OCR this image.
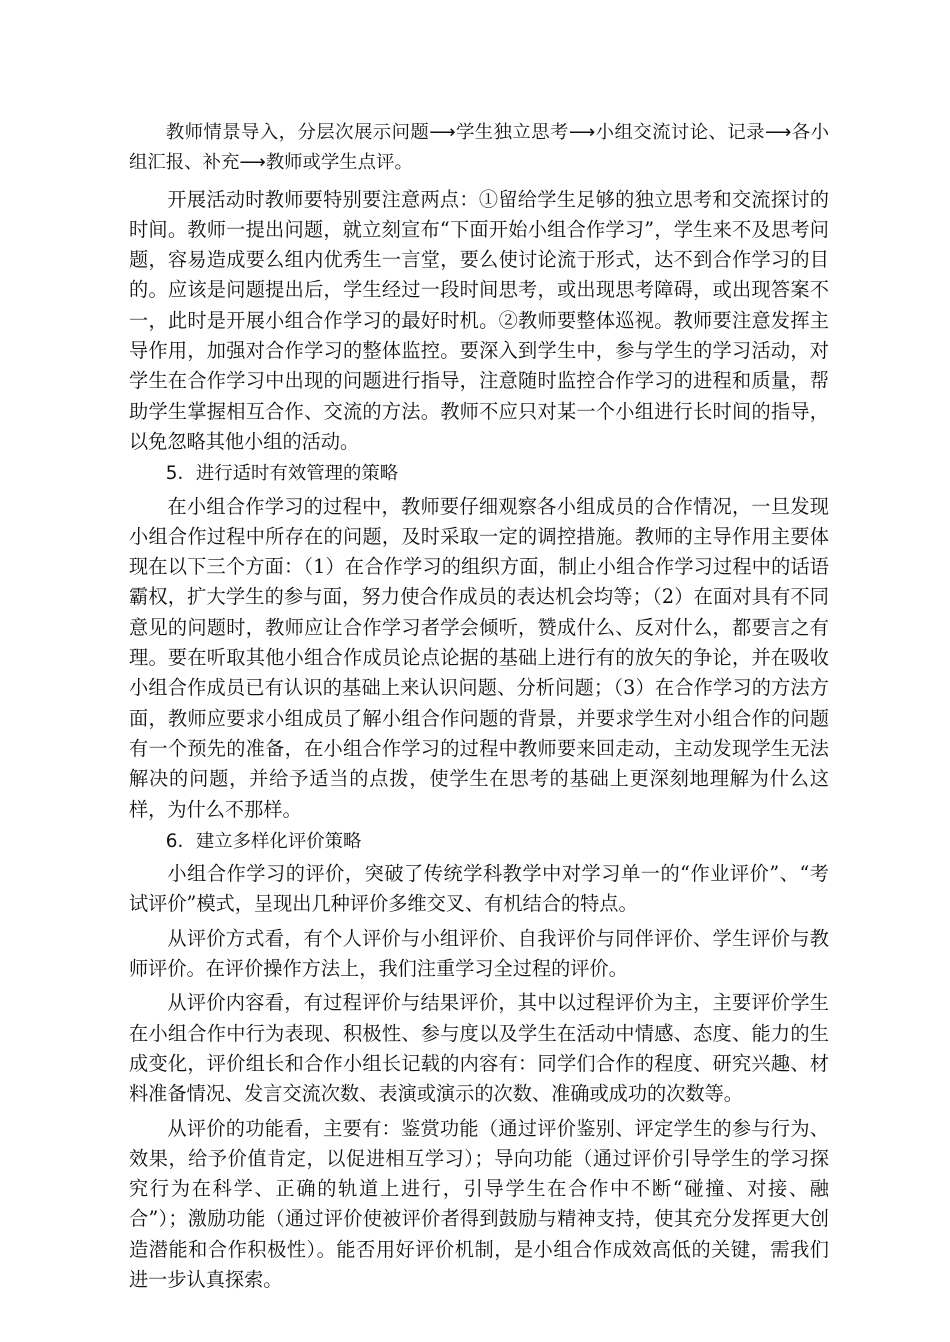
教师情景导入，分层次展示问题⟶学生独立思考⟶小组交流讨论、记录⟶各小组汇报、补充⟶教师或学生点评。

开展活动时教师要特别要注意两点：①留给学生足够的独立思考和交流探讨的时间。教师一提出问题，就立刻宣布“下面开始小组合作学习”，学生来不及思考问题，容易造成要么组内优秀生一言堂，要么使讨论流于形式，达不到合作学习的目的。应该是问题提出后，学生经过一段时间思考，或出现思考障碍，或出现答案不一，此时是开展小组合作学习的最好时机。②教师要整体巡视。教师要注意发挥主导作用，加强对合作学习的整体监控。要深入到学生中，参与学生的学习活动，对学生在合作学习中出现的问题进行指导，注意随时监控合作学习的进程和质量，帮助学生掌握相互合作、交流的方法。教师不应只对某一个小组进行长时间的指导，以免忽略其他小组的活动。

5．进行适时有效管理的策略

在小组合作学习的过程中，教师要仔细观察各小组成员的合作情况，一旦发现小组合作过程中所存在的问题，及时采取一定的调控措施。教师的主导作用主要体现在以下三个方面：（1）在合作学习的组织方面，制止小组合作学习过程中的话语霸权，扩大学生的参与面，努力使合作成员的表达机会均等；（2）在面对具有不同意见的问题时，教师应让合作学习者学会倾听，赞成什么、反对什么，都要言之有理。要在听取其他小组合作成员论点论据的基础上进行有的放矢的争论，并在吸收小组合作成员已有认识的基础上来认识问题、分析问题；（3）在合作学习的方法方面，教师应要求小组成员了解小组合作问题的背景，并要求学生对小组合作的问题有一个预先的准备，在小组合作学习的过程中教师要来回走动，主动发现学生无法解决的问题，并给予适当的点拨，使学生在思考的基础上更深刻地理解为什么这样，为什么不那样。

6．建立多样化评价策略

小组合作学习的评价，突破了传统学科教学中对学习单一的“作业评价”、“考试评价”模式，呈现出几种评价多维交叉、有机结合的特点。

从评价方式看，有个人评价与小组评价、自我评价与同伴评价、学生评价与教师评价。在评价操作方法上，我们注重学习全过程的评价。

从评价内容看，有过程评价与结果评价，其中以过程评价为主，主要评价学生在小组合作中行为表现、积极性、参与度以及学生在活动中情感、态度、能力的生成变化，评价组长和合作小组长记载的内容有：同学们合作的程度、研究兴趣、材料准备情况、发言交流次数、表演或演示的次数、准确或成功的次数等。

从评价的功能看，主要有：鉴赏功能（通过评价鉴别、评定学生的参与行为、效果，给予价值肯定，以促进相互学习）；导向功能（通过评价引导学生的学习探究行为在科学、正确的轨道上进行，引导学生在合作中不断“碰撞、对接、融合”）；激励功能（通过评价使被评价者得到鼓励与精神支持，使其充分发挥更大创造潜能和合作积极性）。能否用好评价机制，是小组合作成效高低的关键，需我们进一步认真探索。
